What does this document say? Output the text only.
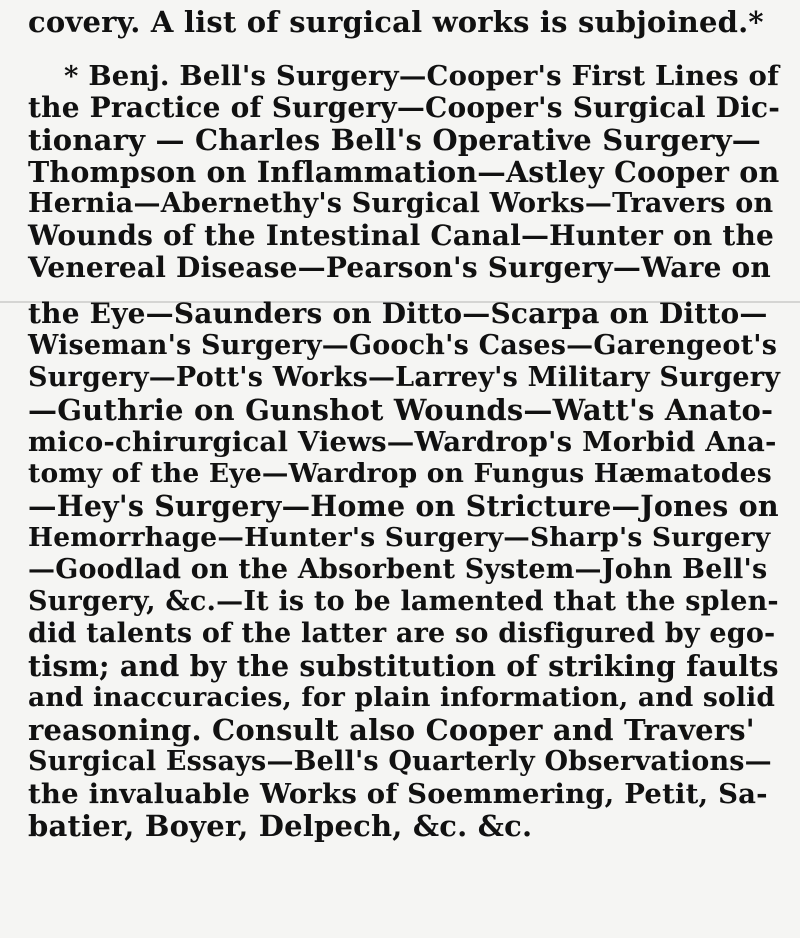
covery. A list of surgical works is subjoined.*
* Benj. Bell's Surgery—Cooper's First Lines of
the Practice of Surgery—Cooper's Surgical Dic-
tionary — Charles Bell's Operative Surgery—
Thompson on Inflammation—Astley Cooper on
Hernia—Abernethy's Surgical Works—Travers on
Wounds of the Intestinal Canal—Hunter on the
Venereal Disease—Pearson's Surgery—Ware on
the Eye—Saunders on Ditto—Scarpa on Ditto—
Wiseman's Surgery—Gooch's Cases—Garengeot's
Surgery—Pott's Works—Larrey's Military Surgery
—Guthrie on Gunshot Wounds—Watt's Anato-
mico-chirurgical Views—Wardrop's Morbid Ana-
tomy of the Eye—Wardrop on Fungus Hæmatodes
—Hey's Surgery—Home on Stricture—Jones on
Hemorrhage—Hunter's Surgery—Sharp's Surgery
—Goodlad on the Absorbent System—John Bell's
Surgery, &c.—It is to be lamented that the splen-
did talents of the latter are so disfigured by ego-
tism; and by the substitution of striking faults
and inaccuracies, for plain information, and solid
reasoning. Consult also Cooper and Travers'
Surgical Essays—Bell's Quarterly Observations—
the invaluable Works of Soemmering, Petit, Sa-
batier, Boyer, Delpech, &c. &c.
